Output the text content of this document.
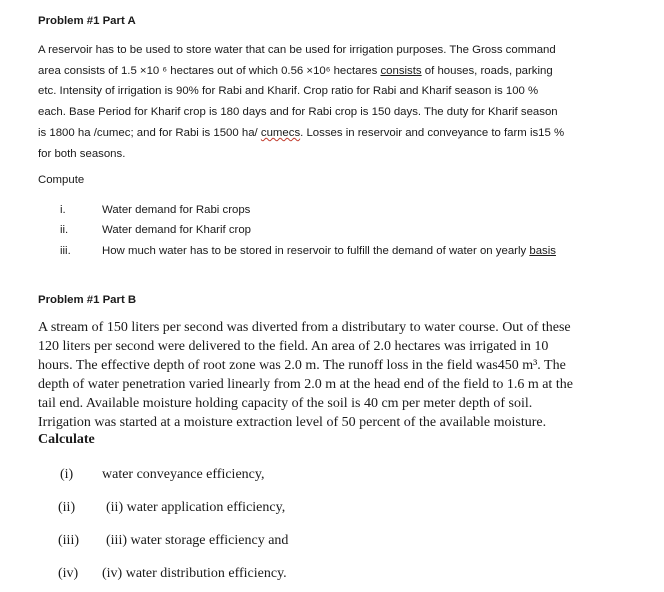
Problem #1 Part A
A reservoir has to be used to store water that can be used for irrigation purposes. The Gross command
area consists of 1.5 ×10 ⁶ hectares out of which 0.56 ×10⁶ hectares consists of houses, roads, parking
etc. Intensity of irrigation is 90% for Rabi and Kharif. Crop ratio for Rabi and Kharif season is 100 %
each. Base Period for Kharif crop is 180 days and for Rabi crop is 150 days. The duty for Kharif season
is 1800 ha /cumec; and for Rabi is 1500 ha/ cumecs. Losses in reservoir and conveyance to farm is15 %
for both seasons.
Compute
i.	Water demand for Rabi crops
ii.	Water demand for Kharif crop
iii.	How much water has to be stored in reservoir to fulfill the demand of water on yearly basis
Problem #1 Part B
A stream of 150 liters per second was diverted from a distributary to water course. Out of these
120 liters per second were delivered to the field. An area of 2.0 hectares was irrigated in 10
hours. The effective depth of root zone was 2.0 m. The runoff loss in the field was450 m³. The
depth of water penetration varied linearly from 2.0 m at the head end of the field to 1.6 m at the
tail end. Available moisture holding capacity of the soil is 40 cm per meter depth of soil.
Irrigation was started at a moisture extraction level of 50 percent of the available moisture.
Calculate
(i) water conveyance efficiency,
(ii) (ii) water application efficiency,
(iii) (iii) water storage efficiency and
(iv) (iv) water distribution efficiency.
